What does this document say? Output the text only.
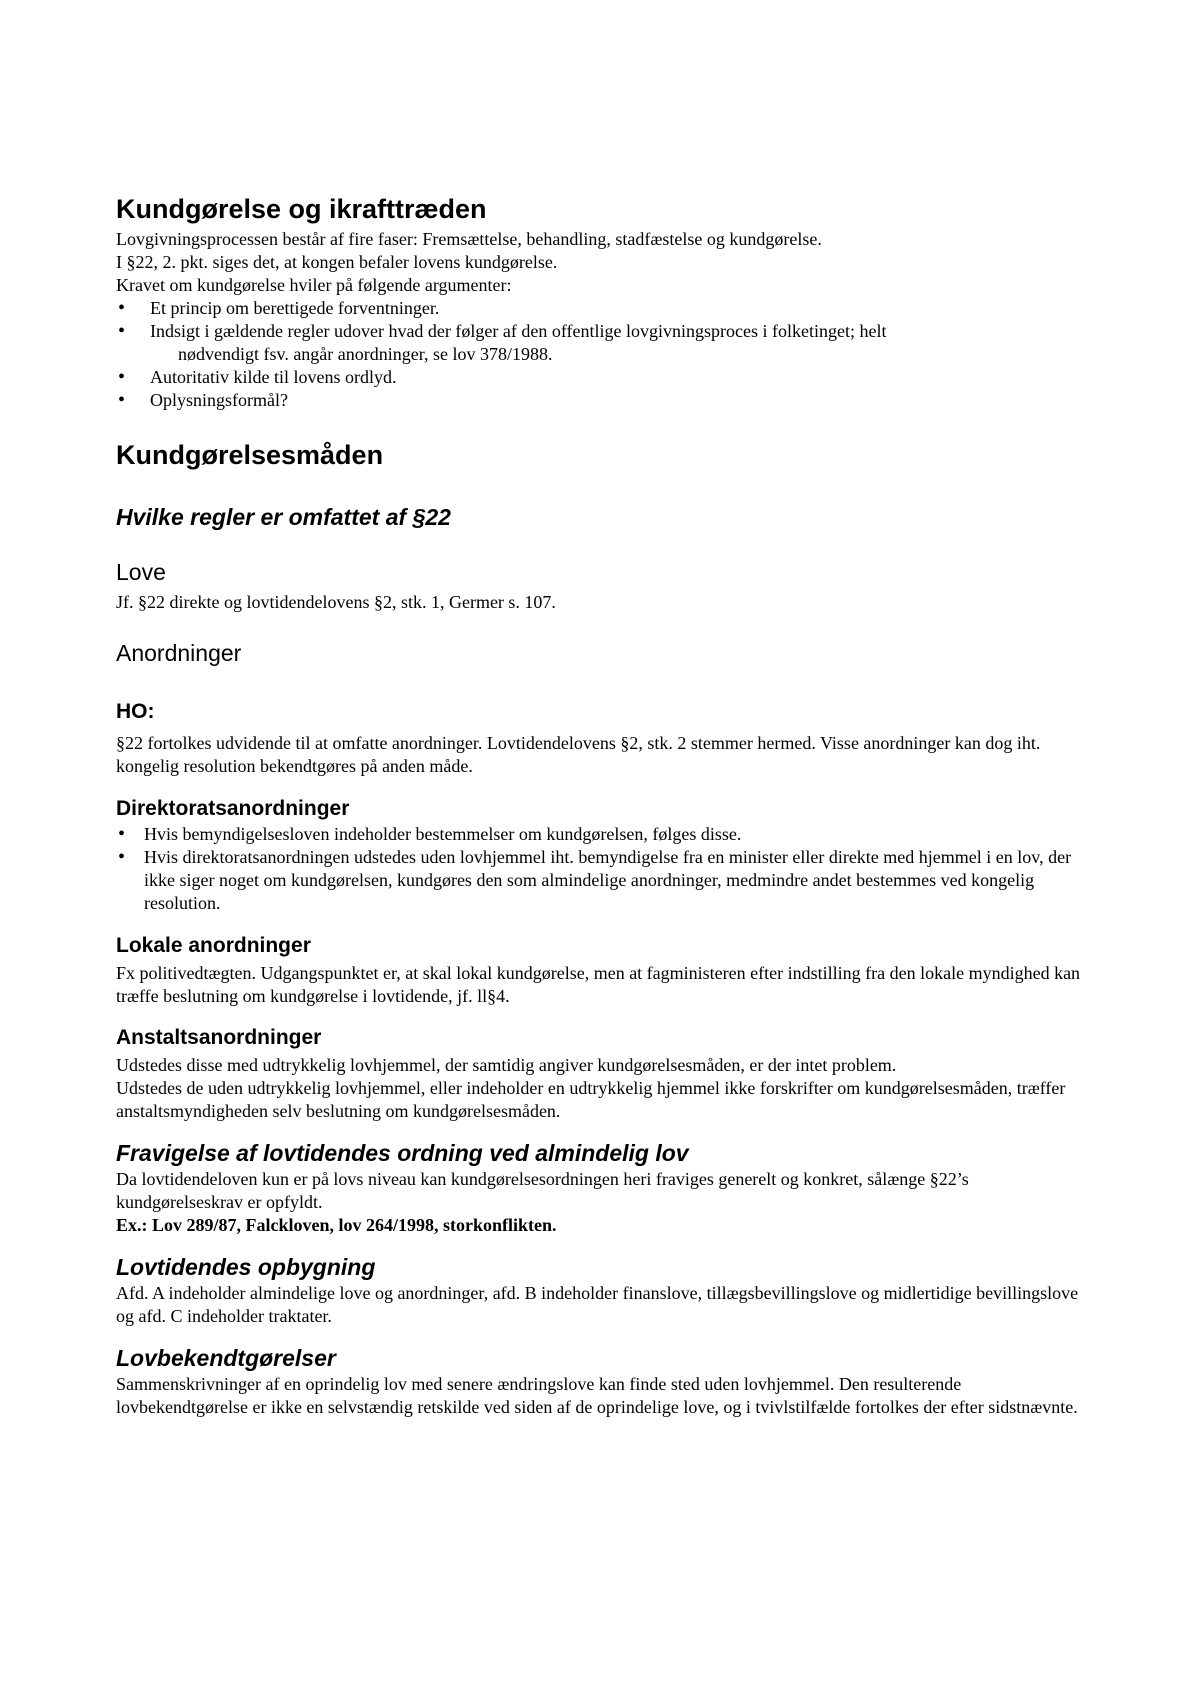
Kundgørelse og ikrafttræden

Lovgivningsprocessen består af fire faser: Fremsættelse, behandling, stadfæstelse og kundgørelse.

I §22, 2. pkt. siges det, at kongen befaler lovens kundgørelse.

Kravet om kundgørelse hviler på følgende argumenter:

• Et princip om berettigede forventninger.
• Indsigt i gældende regler udover hvad der følger af den offentlige lovgivningsproces i folketinget; helt
nødvendigt fsv. angår anordninger, se lov 378/1988.
• Autoritativ kilde til lovens ordlyd.
• Oplysningsformål?
Kundgørelsesmåden
Hvilke regler er omfattet af §22
Love

Jf. §22 direkte og lovtidendelovens §2, stk. 1, Germer s. 107.

Anordninger
HO:

§22 fortolkes udvidende til at omfatte anordninger. Lovtidendelovens §2, stk. 2 stemmer hermed. Visse anordninger kan dog iht. kongelig resolution bekendtgøres på anden måde.

Direktoratsanordninger
• Hvis bemyndigelsesloven indeholder bestemmelser om kundgørelsen, følges disse.
• Hvis direktoratsanordningen udstedes uden lovhjemmel iht. bemyndigelse fra en minister eller direkte med hjemmel i en lov, der ikke siger noget om kundgørelsen, kundgøres den som almindelige anordninger, medmindre andet bestemmes ved kongelig resolution.
Lokale anordninger

Fx politivedtægten. Udgangspunktet er, at skal lokal kundgørelse, men at fagministeren efter indstilling fra den lokale myndighed kan træffe beslutning om kundgørelse i lovtidende, jf. ll§4.

Anstaltsanordninger

Udstedes disse med udtrykkelig lovhjemmel, der samtidig angiver kundgørelsesmåden, er der intet problem.

Udstedes de uden udtrykkelig lovhjemmel, eller indeholder en udtrykkelig hjemmel ikke forskrifter om kundgørelsesmåden, træffer anstaltsmyndigheden selv beslutning om kundgørelsesmåden.

Fravigelse af lovtidendes ordning ved almindelig lov

Da lovtidendeloven kun er på lovs niveau kan kundgørelsesordningen heri fraviges generelt og konkret, sålænge §22’s kundgørelseskrav er opfyldt.

Ex.: Lov 289/87, Falckloven, lov 264/1998, storkonflikten.

Lovtidendes opbygning

Afd. A indeholder almindelige love og anordninger, afd. B indeholder finanslove, tillægsbevillingslove og midlertidige bevillingslove og afd. C indeholder traktater.

Lovbekendtgørelser

Sammenskrivninger af en oprindelig lov med senere ændringslove kan finde sted uden lovhjemmel. Den resulterende lovbekendtgørelse er ikke en selvstændig retskilde ved siden af de oprindelige love, og i tvivlstilfælde fortolkes der efter sidstnævnte.
